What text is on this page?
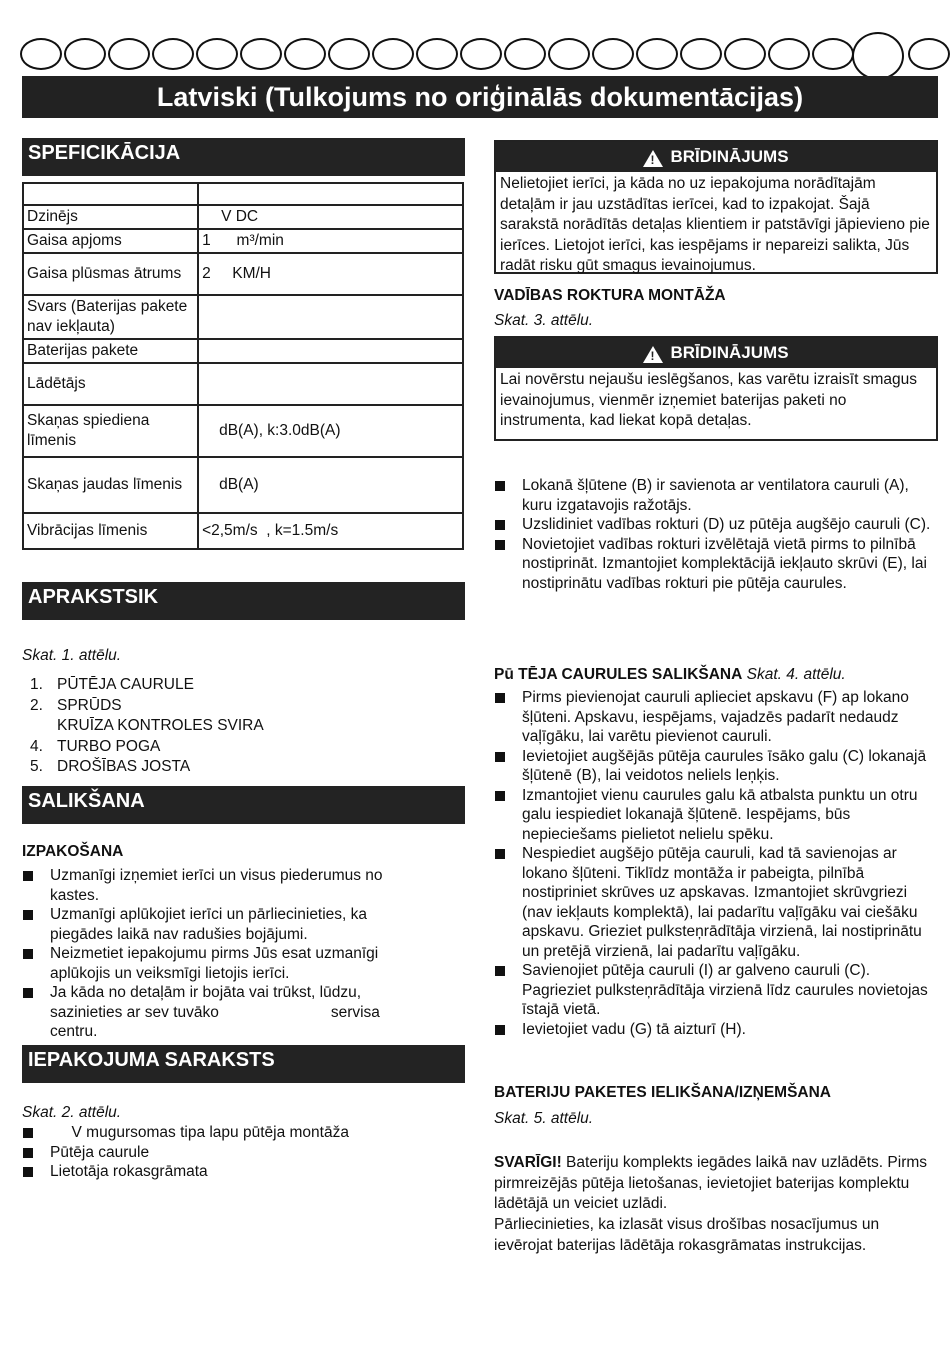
Latviski (Tulkojums no oriģinālās dokumentācijas)
SPEFICIKĀCIJA

Dzinējs	V DC
Gaisa apjoms	1      m³/min
Gaisa plūsmas ātrums	2     KM/H
Svars (Baterijas pakete nav iekļauta)	
Baterijas pakete	
Lādētājs	
Skaņas spiediena līmenis	dB(A), k:3.0dB(A)
Skaņas jaudas līmenis	dB(A)
Vibrācijas līmenis	<2,5m/s  , k=1.5m/s
APRAKSTSIK
Skat. 1. attēlu.
1. PŪTĒJA CAURULE
2. SPRŪDS
KRUĪZA KONTROLES SVIRA
4. TURBO POGA
5. DROŠĪBAS JOSTA
SALIKŠANA
IZPAKOŠANA
Uzmanīgi izņemiet ierīci un visus piederumus no kastes.
Uzmanīgi aplūkojiet ierīci un pārliecinieties, ka piegādes laikā nav radušies bojājumi.
Neizmetiet iepakojumu pirms Jūs esat uzmanīgi aplūkojis un veiksmīgi lietojis ierīci.
Ja kāda no detaļām ir bojāta vai trūkst, lūdzu, sazinieties ar sev tuvāko                          servisa centru.
IEPAKOJUMA SARAKSTS
Skat. 2. attēlu.
V mugursomas tipa lapu pūtēja montāža
Pūtēja caurule
Lietotāja rokasgrāmata
! BRĪDINĀJUMS
Nelietojiet ierīci, ja kāda no uz iepakojuma norādītajām detaļām ir jau uzstādītas ierīcei, kad to izpakojat. Šajā sarakstā norādītās detaļas klientiem ir patstāvīgi jāpievieno pie ierīces. Lietojot ierīci, kas iespējams ir nepareizi salikta, Jūs radāt risku gūt smagus ievainojumus.
VADĪBAS ROKTURA MONTĀŽA
Skat. 3. attēlu.
! BRĪDINĀJUMS
Lai novērstu nejaušu ieslēgšanos, kas varētu izraisīt smagus ievainojumus, vienmēr izņemiet baterijas paketi no instrumenta, kad liekat kopā detaļas.
Lokanā šļūtene (B) ir savienota ar ventilatora cauruli (A), kuru izgatavojis ražotājs.
Uzslidiniet vadības rokturi (D) uz pūtēja augšējo cauruli (C).
Novietojiet vadības rokturi izvēlētajā vietā pirms to pilnībā nostiprināt. Izmantojiet komplektācijā iekļauto skrūvi (E), lai nostiprinātu vadības rokturi pie pūtēja caurules.
Pū TĒJA CAURULES SALIKŠANA Skat. 4. attēlu.
Pirms pievienojat cauruli aplieciet apskavu (F) ap lokano šļūteni. Apskavu, iespējams, vajadzēs padarīt nedaudz vaļīgāku, lai varētu pievienot cauruli.
Ievietojiet augšējās pūtēja caurules īsāko galu (C) lokanajā šļūtenē (B), lai veidotos neliels leņķis.
Izmantojiet vienu caurules galu kā atbalsta punktu un otru galu iespiediet lokanajā šļūtenē. Iespējams, būs nepieciešams pielietot nelielu spēku.
Nespiediet augšējo pūtēja cauruli, kad tā savienojas ar lokano šļūteni. Tiklīdz montāža ir pabeigta, pilnībā nostipriniet skrūves uz apskavas. Izmantojiet skrūvgriezi (nav iekļauts komplektā), lai padarītu vaļīgāku vai ciešāku apskavu. Grieziet pulksteņrādītāja virzienā, lai nostiprinātu un pretējā virzienā, lai padarītu vaļīgāku.
Savienojiet pūtēja cauruli (I) ar galveno cauruli (C). Pagrieziet pulksteņrādītāja virzienā līdz caurules novietojas īstajā vietā.
Ievietojiet vadu (G) tā aizturī (H).
BATERIJU PAKETES IELIKŠANA/IZŅEMŠANA
Skat. 5. attēlu.
SVARĪGI! Bateriju komplekts iegādes laikā nav uzlādēts. Pirms pirmreizējās pūtēja lietošanas, ievietojiet baterijas komplektu lādētājā un veiciet uzlādi.
Pārliecinieties, ka izlasāt visus drošības nosacījumus un ievērojat baterijas lādētāja rokasgrāmatas instrukcijas.
